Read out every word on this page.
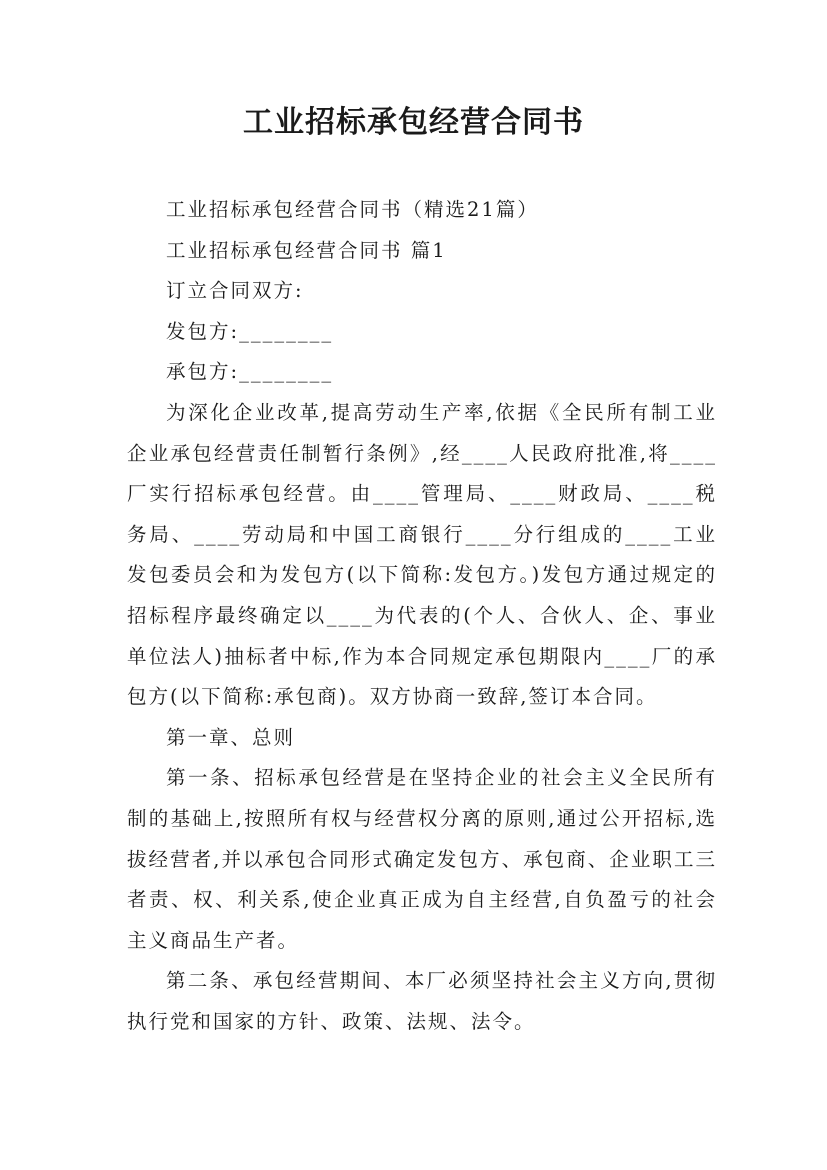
工业招标承包经营合同书

工业招标承包经营合同书（精选21篇）

工业招标承包经营合同书 篇1

订立合同双方:

发包方:________

承包方:________

为深化企业改革,提高劳动生产率,依据《全民所有制工业企业承包经营责任制暂行条例》,经____人民政府批准,将____厂实行招标承包经营。由____管理局、____财政局、____税务局、____劳动局和中国工商银行____分行组成的____工业发包委员会和为发包方(以下简称:发包方。)发包方通过规定的招标程序最终确定以____为代表的(个人、合伙人、企、事业单位法人)抽标者中标,作为本合同规定承包期限内____厂的承包方(以下简称:承包商)。双方协商一致辞,签订本合同。

第一章、总则

第一条、招标承包经营是在坚持企业的社会主义全民所有制的基础上,按照所有权与经营权分离的原则,通过公开招标,选拔经营者,并以承包合同形式确定发包方、承包商、企业职工三者责、权、利关系,使企业真正成为自主经营,自负盈亏的社会主义商品生产者。

第二条、承包经营期间、本厂必须坚持社会主义方向,贯彻执行党和国家的方针、政策、法规、法令。
